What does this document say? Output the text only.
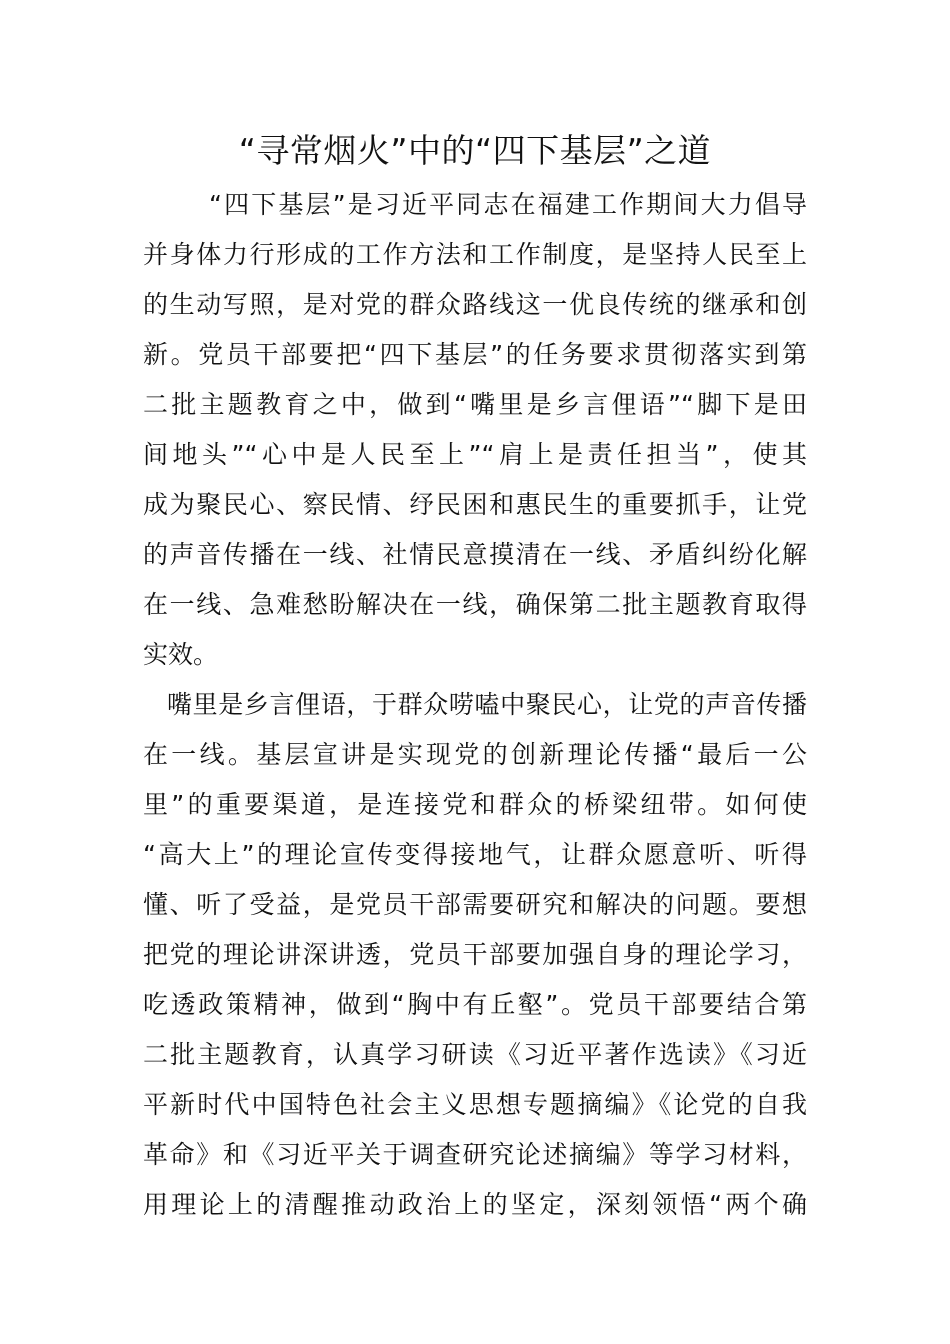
“寻常烟火”中的“四下基层”之道
“四下基层”是习近平同志在福建工作期间大力倡导
并身体力行形成的工作方法和工作制度，是坚持人民至上
的生动写照，是对党的群众路线这一优良传统的继承和创
新。党员干部要把“四下基层”的任务要求贯彻落实到第
二批主题教育之中，做到“嘴里是乡言俚语”“脚下是田
间地头”“心中是人民至上”“肩上是责任担当”，使其
成为聚民心、察民情、纾民困和惠民生的重要抓手，让党
的声音传播在一线、社情民意摸清在一线、矛盾纠纷化解
在一线、急难愁盼解决在一线，确保第二批主题教育取得
实效。
嘴里是乡言俚语，于群众唠嗑中聚民心，让党的声音传播
在一线。基层宣讲是实现党的创新理论传播“最后一公
里”的重要渠道，是连接党和群众的桥梁纽带。如何使
“高大上”的理论宣传变得接地气，让群众愿意听、听得
懂、听了受益，是党员干部需要研究和解决的问题。要想
把党的理论讲深讲透，党员干部要加强自身的理论学习，
吃透政策精神，做到“胸中有丘壑”。党员干部要结合第
二批主题教育，认真学习研读《习近平著作选读》《习近
平新时代中国特色社会主义思想专题摘编》《论党的自我
革命》和《习近平关于调查研究论述摘编》等学习材料，
用理论上的清醒推动政治上的坚定，深刻领悟“两个确
